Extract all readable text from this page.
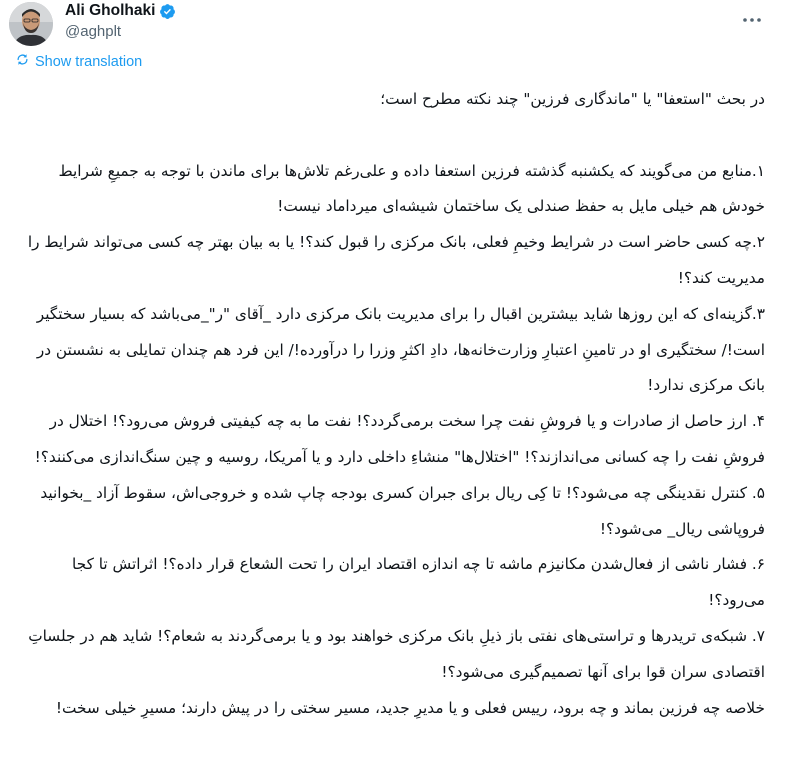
Ali Gholhaki
@aghplt
Show translation
در بحث "استعفا" یا "ماندگاری فرزین" چند نکته مطرح است؛

۱.منابع من می‌گویند که یکشنبه گذشته فرزین استعفا داده و علی‌رغم تلاش‌ها برای ماندن با توجه به جمیعِ شرایط خودش هم خیلی مایل به حفظ صندلی یک ساختمان شیشه‌ای میرداماد نیست!
۲.چه کسی حاضر است در شرایط وخیمِ فعلی، بانک مرکزی را قبول کند؟! یا به بیان بهتر چه کسی می‌تواند شرایط را مدیریت کند؟!
۳.گزینه‌ای که این روزها شاید بیشترین اقبال را برای مدیریت بانک مرکزی دارد _آقای "ر"_می‌باشد که بسیار سختگیر است!/ سختگیری او در تامینِ اعتبارِ وزارت‌خانه‌ها، دادِ اکثرِ وزرا را درآورده!/ این فرد هم چندان تمایلی به نشستن در بانک مرکزی ندارد!
۴. ارز حاصل از صادرات و یا فروشِ نفت چرا سخت برمی‌گردد؟! نفت ما به چه کیفیتی فروش می‌رود؟! اختلال در فروشِ نفت را چه کسانی می‌اندازند؟! "اختلال‌ها" منشاءِ داخلی دارد و یا آمریکا، روسیه و چین سنگ‌اندازی می‌کنند؟!
۵. کنترل نقدینگی چه می‌شود؟! تا کِی ریال برای جبران کسری بودجه چاپ شده و خروجی‌اش، سقوط آزاد _بخوانید فروپاشی ریال_ می‌شود؟!
۶. فشار ناشی از فعال‌شدن مکانیزم ماشه تا چه اندازه اقتصاد ایران را تحت الشعاع قرار داده؟! اثراتش تا کجا می‌رود؟!
۷. شبکه‌ی تریدرها و تراستی‌های نفتی باز ذیلِ بانک مرکزی خواهند بود و یا برمی‌گردند به شعام؟! شاید هم در جلساتِ اقتصادی سران قوا برای آنها تصمیم‌گیری می‌شود؟!
خلاصه چه فرزین بماند و چه برود، رییس فعلی و یا مدیرِ جدید، مسیر سختی را در پیش دارند؛ مسیرِ خیلی سخت!
